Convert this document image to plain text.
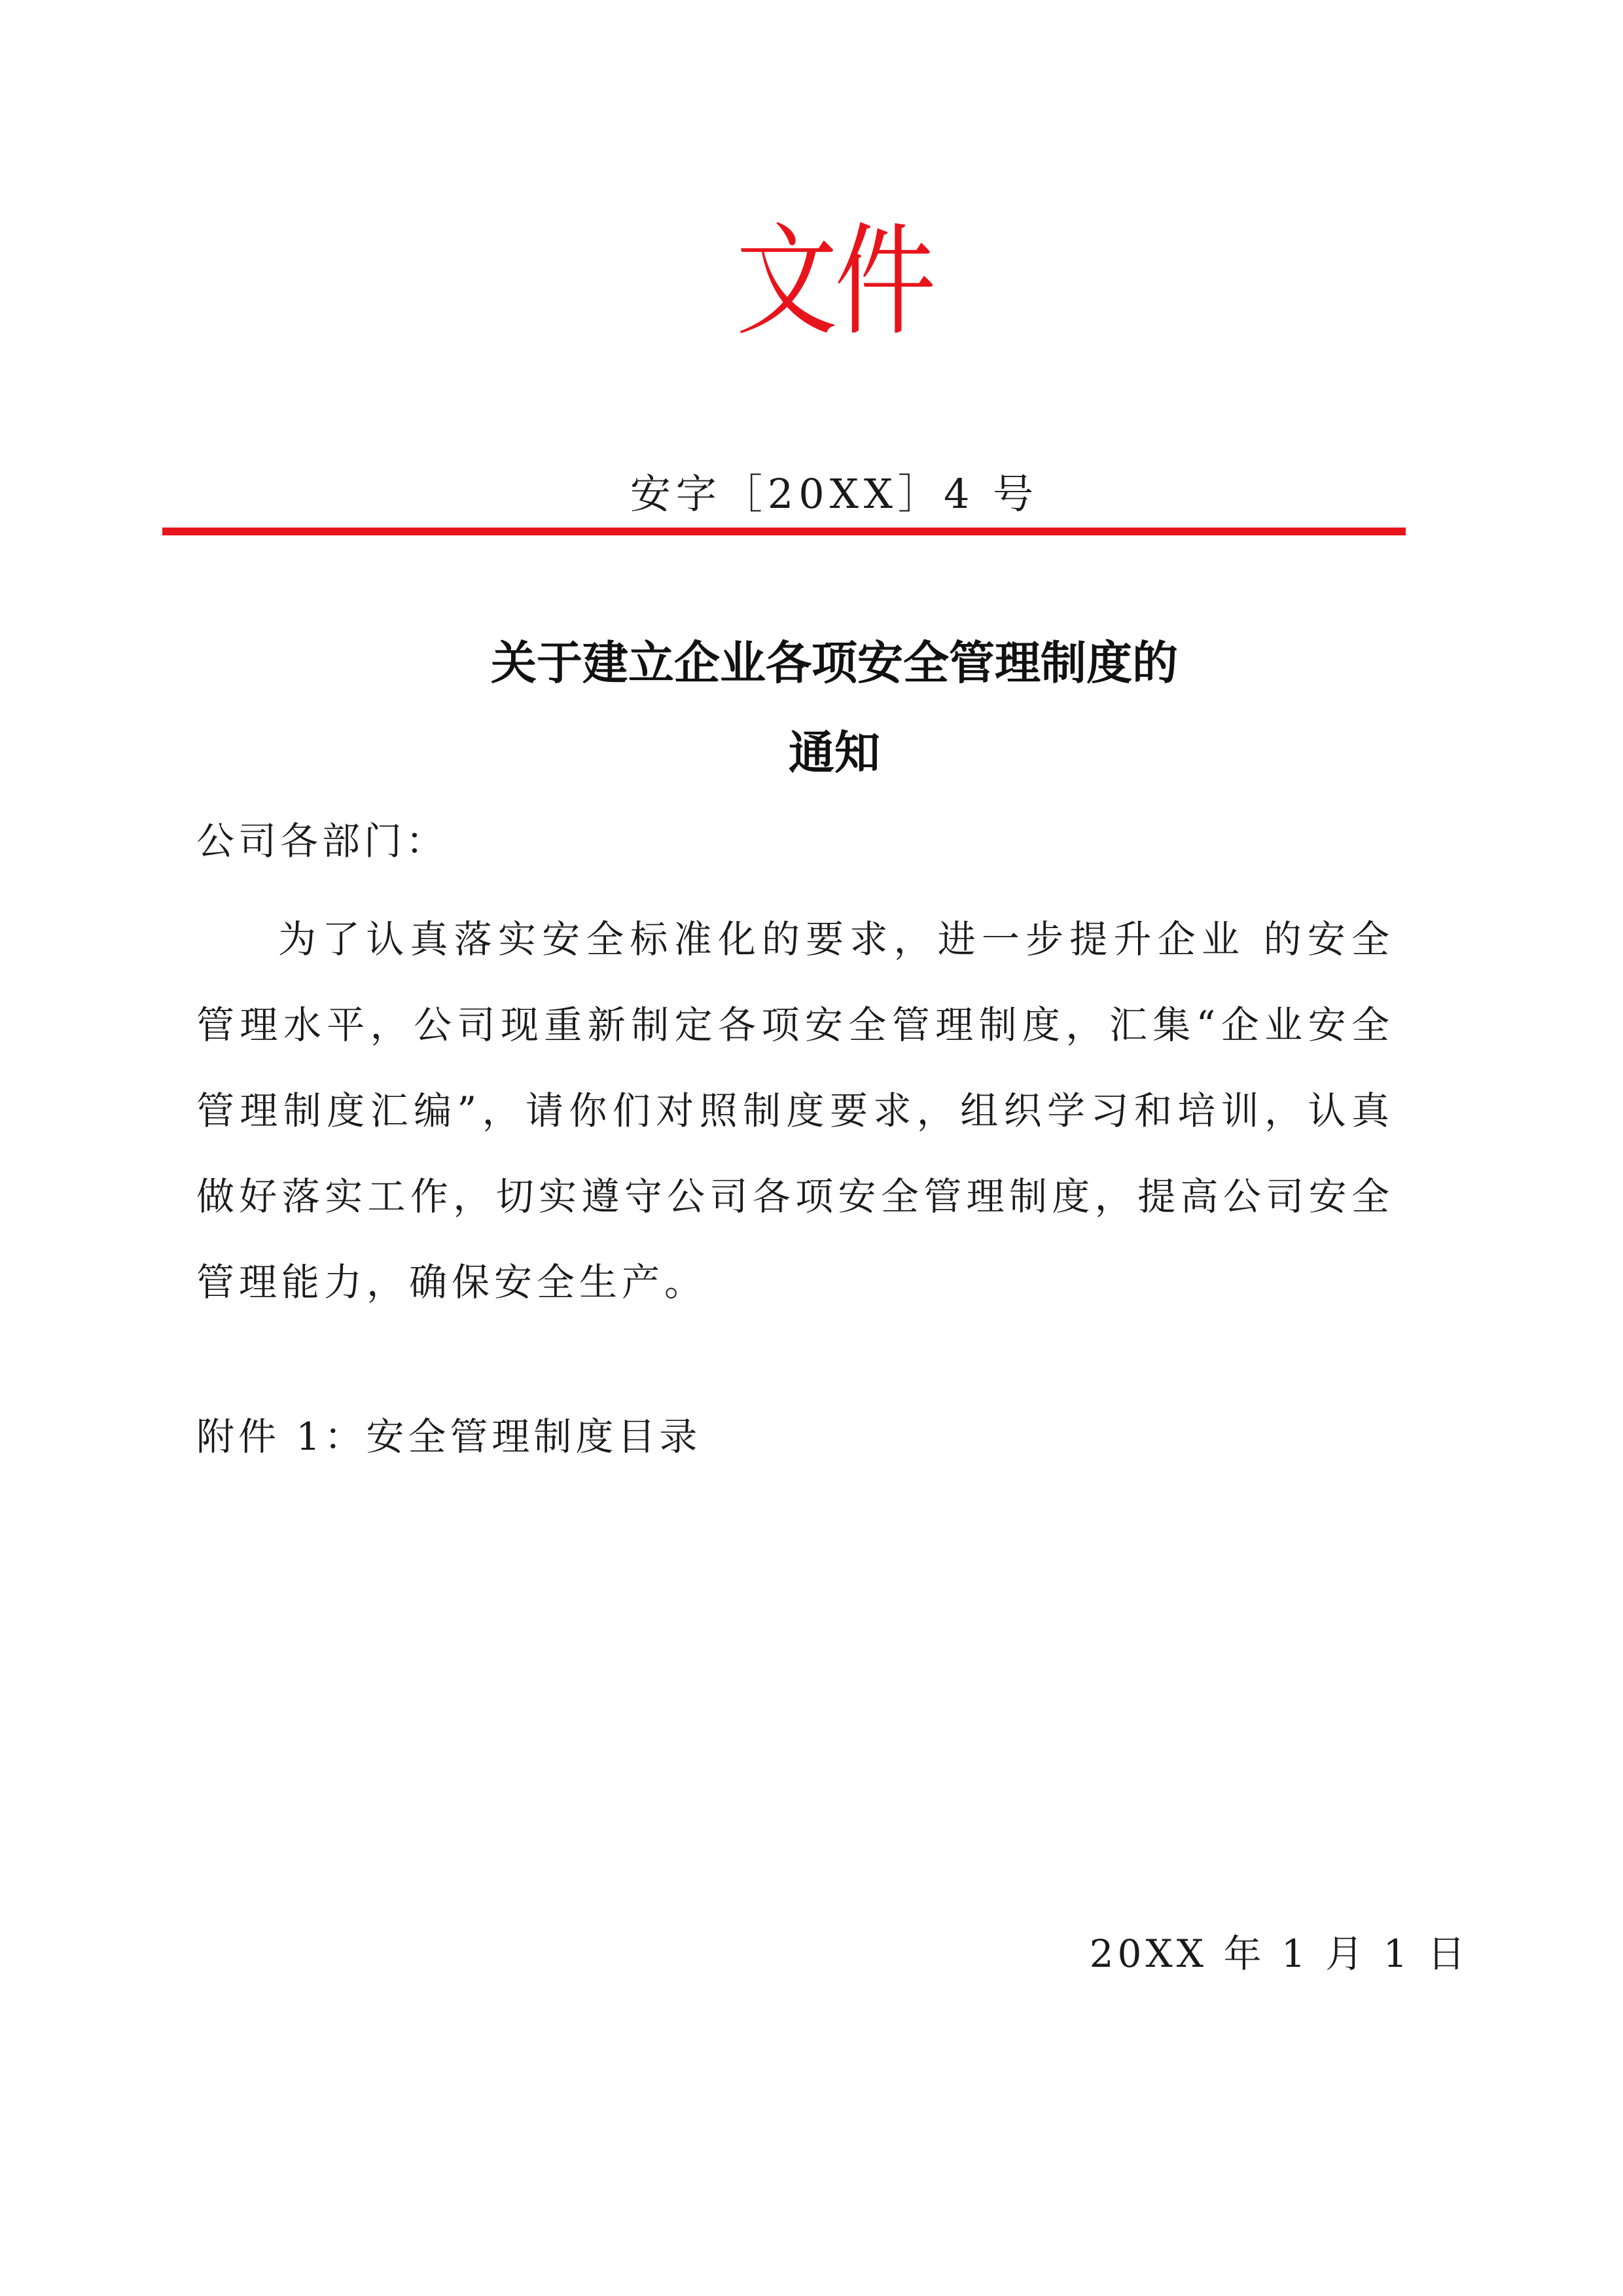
文件
安字［20XX］4 号
关于建立企业各项安全管理制度的
通知
公司各部门：

为了认真落实安全标准化的要求，进一步提升企业 的安全管理水平，公司现重新制定各项安全管理制度，汇集“企业安全管理制度汇编”，请你们对照制度要求，组织学习和培训，认真做好落实工作，切实遵守公司各项安全管理制度，提高公司安全管理能力，确保安全生产。

附件 1：安全管理制度目录
20XX 年 1 月 1 日
